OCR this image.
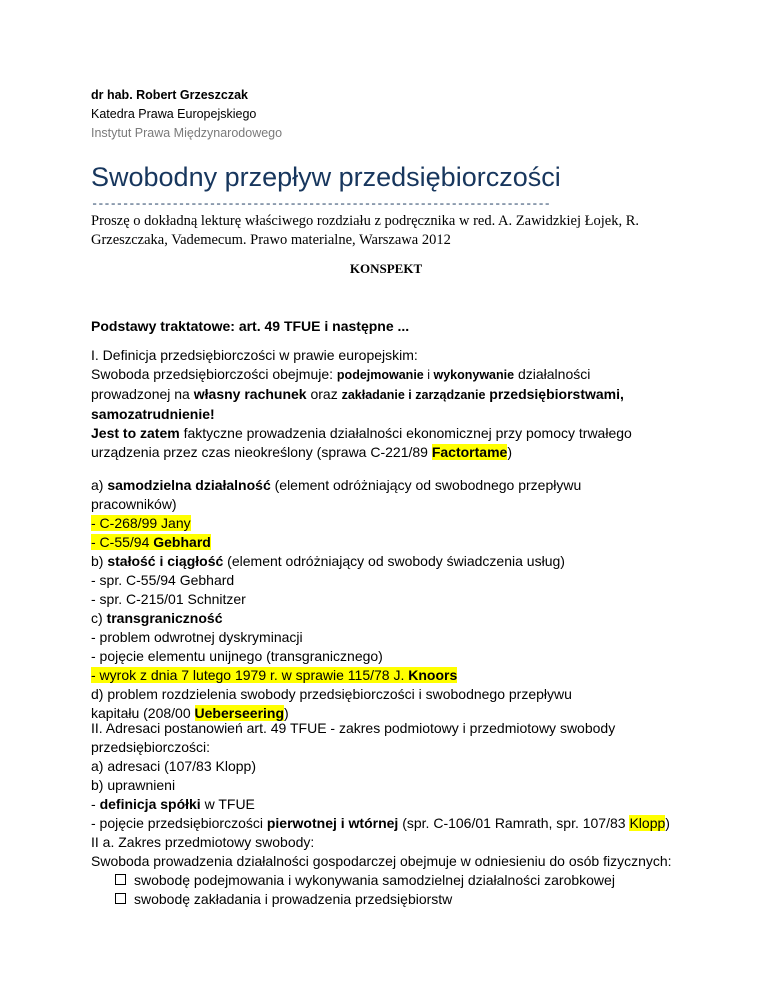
dr hab. Robert Grzeszczak
Katedra Prawa Europejskiego
Instytut Prawa Międzynarodowego
Swobodny przepływ przedsiębiorczości
--------------------------------------------------------------------------
Proszę o dokładną lekturę właściwego rozdziału z podręcznika w red. A. Zawidzkiej Łojek, R.
Grzeszczaka, Vademecum. Prawo materialne, Warszawa 2012
KONSPEKT
Podstawy traktatowe: art. 49 TFUE i następne ...
I. Definicja przedsiębiorczości w prawie europejskim:
Swoboda przedsiębiorczości obejmuje: podejmowanie i wykonywanie działalności
prowadzonej na własny rachunek oraz zakładanie i zarządzanie przedsiębiorstwami,
samozatrudnienie!
Jest to zatem faktyczne prowadzenia działalności ekonomicznej przy pomocy trwałego
urządzenia przez czas nieokreślony (sprawa C-221/89 Factortame)
a) samodzielna działalność (element odróżniający od swobodnego przepływu
pracowników)
- C-268/99 Jany
- C-55/94 Gebhard
b) stałość i ciągłość (element odróżniający od swobody świadczenia usług)
- spr. C-55/94 Gebhard
- spr. C-215/01 Schnitzer
c) transgraniczność
- problem odwrotnej dyskryminacji
- pojęcie elementu unijnego (transgranicznego)
- wyrok z dnia 7 lutego 1979 r. w sprawie 115/78 J. Knoors
d) problem rozdzielenia swobody przedsiębiorczości i swobodnego przepływu
kapitału (208/00 Ueberseering)
II. Adresaci postanowień art. 49 TFUE - zakres podmiotowy i przedmiotowy swobody
przedsiębiorczości:
a) adresaci (107/83 Klopp)
b) uprawnieni
- definicja spółki w TFUE
- pojęcie przedsiębiorczości pierwotnej i wtórnej (spr. C-106/01 Ramrath, spr. 107/83 Klopp)
II a. Zakres przedmiotowy swobody:
Swoboda prowadzenia działalności gospodarczej obejmuje w odniesieniu do osób fizycznych:
swobodę podejmowania i wykonywania samodzielnej działalności zarobkowej
swobodę zakładania i prowadzenia przedsiębiorstw
